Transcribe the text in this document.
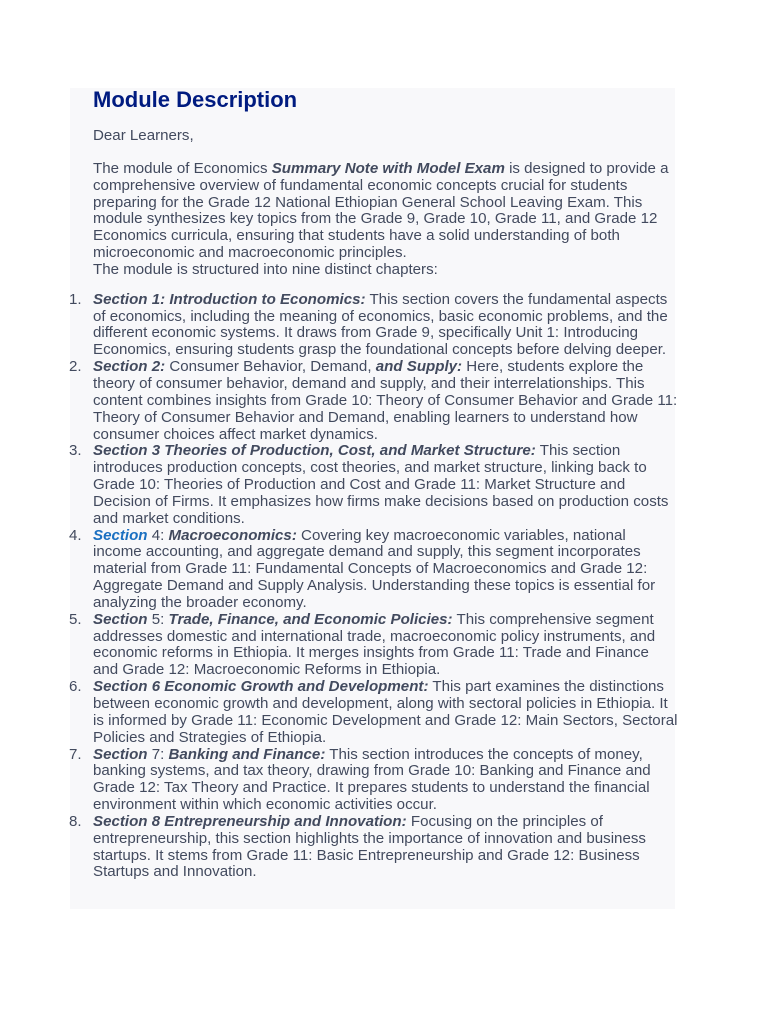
Module Description

Dear Learners,

The module of Economics Summary Note with Model Exam is designed to provide a comprehensive overview of fundamental economic concepts crucial for students preparing for the Grade 12 National Ethiopian General School Leaving Exam. This module synthesizes key topics from the Grade 9, Grade 10, Grade 11, and Grade 12 Economics curricula, ensuring that students have a solid understanding of both microeconomic and macroeconomic principles.

The module is structured into nine distinct chapters:

1. Section 1: Introduction to Economics: This section covers the fundamental aspects of economics, including the meaning of economics, basic economic problems, and the different economic systems. It draws from Grade 9, specifically Unit 1: Introducing Economics, ensuring students grasp the foundational concepts before delving deeper.
2. Section 2: Consumer Behavior, Demand, and Supply: Here, students explore the theory of consumer behavior, demand and supply, and their interrelationships. This content combines insights from Grade 10: Theory of Consumer Behavior and Grade 11: Theory of Consumer Behavior and Demand, enabling learners to understand how consumer choices affect market dynamics.
3. Section 3 Theories of Production, Cost, and Market Structure: This section introduces production concepts, cost theories, and market structure, linking back to Grade 10: Theories of Production and Cost and Grade 11: Market Structure and Decision of Firms. It emphasizes how firms make decisions based on production costs and market conditions.
4. Section 4: Macroeconomics: Covering key macroeconomic variables, national income accounting, and aggregate demand and supply, this segment incorporates material from Grade 11: Fundamental Concepts of Macroeconomics and Grade 12: Aggregate Demand and Supply Analysis. Understanding these topics is essential for analyzing the broader economy.
5. Section 5: Trade, Finance, and Economic Policies: This comprehensive segment addresses domestic and international trade, macroeconomic policy instruments, and economic reforms in Ethiopia. It merges insights from Grade 11: Trade and Finance and Grade 12: Macroeconomic Reforms in Ethiopia.
6. Section 6 Economic Growth and Development: This part examines the distinctions between economic growth and development, along with sectoral policies in Ethiopia. It is informed by Grade 11: Economic Development and Grade 12: Main Sectors, Sectoral Policies and Strategies of Ethiopia.
7. Section 7: Banking and Finance: This section introduces the concepts of money, banking systems, and tax theory, drawing from Grade 10: Banking and Finance and Grade 12: Tax Theory and Practice. It prepares students to understand the financial environment within which economic activities occur.
8. Section 8 Entrepreneurship and Innovation: Focusing on the principles of entrepreneurship, this section highlights the importance of innovation and business startups. It stems from Grade 11: Basic Entrepreneurship and Grade 12: Business Startups and Innovation.
